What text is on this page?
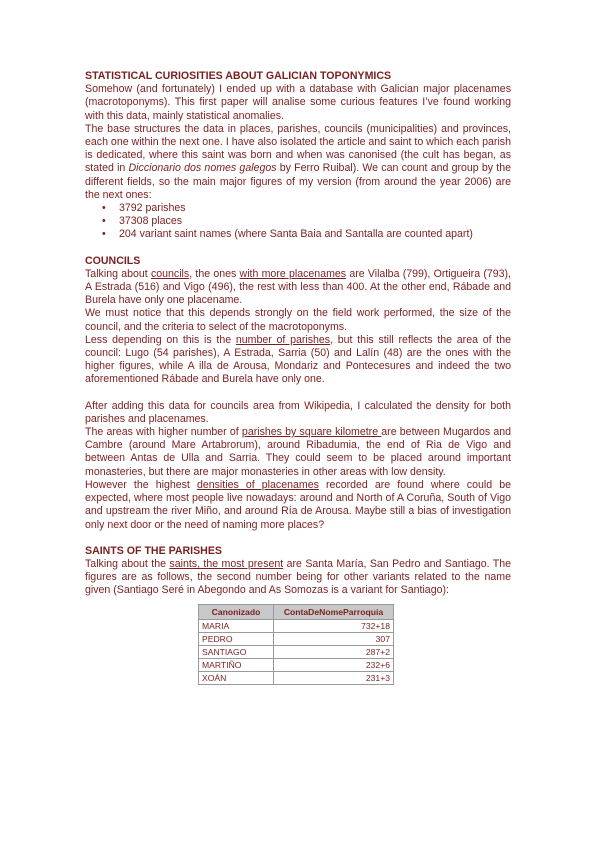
STATISTICAL CURIOSITIES ABOUT GALICIAN TOPONYMICS

Somehow (and fortunately) I ended up with a database with Galician major placenames (macrotoponyms). This first paper will analise some curious features I’ve found working with this data, mainly statistical anomalies.

The base structures the data in places, parishes, councils (municipalities) and provinces, each one within the next one. I have also isolated the article and saint to which each parish is dedicated, where this saint was born and when was canonised (the cult has began, as stated in Diccionario dos nomes galegos by Ferro Ruibal). We can count and group by the different fields, so the main major figures of my version (from around the year 2006) are the next ones:

• 3792 parishes
• 37308 places
• 204 variant saint names (where Santa Baia and Santalla are counted apart)

COUNCILS

Talking about councils, the ones with more placenames are Vilalba (799), Ortigueira (793), A Estrada (516) and Vigo (496), the rest with less than 400. At the other end, Rábade and Burela have only one placename.

We must notice that this depends strongly on the field work performed, the size of the council, and the criteria to select of the macrotoponyms.

Less depending on this is the number of parishes, but this still reflects the area of the council: Lugo (54 parishes), A Estrada, Sarria (50) and Lalín (48) are the ones with the higher figures, while A illa de Arousa, Mondariz and Pontecesures and indeed the two aforementioned Rábade and Burela have only one.

After adding this data for councils area from Wikipedia, I calculated the density for both parishes and placenames.

The areas with higher number of parishes by square kilometre are between Mugardos and Cambre (around Mare Artabrorum), around Ribadumia, the end of Ria de Vigo and between Antas de Ulla and Sarria. They could seem to be placed around important monasteries, but there are major monasteries in other areas with low density.

However the highest densities of placenames recorded are found where could be expected, where most people live nowadays: around and North of A Coruña, South of Vigo and upstream the river Miño, and around Ría de Arousa. Maybe still a bias of investigation only next door or the need of naming more places?

SAINTS OF THE PARISHES

Talking about the saints, the most present are Santa María, San Pedro and Santiago. The figures are as follows, the second number being for other variants related to the name given (Santiago Seré in Abegondo and As Somozas is a variant for Santiago):

Canonizado	ContaDeNomeParroquia
MARIA	732+18
PEDRO	307
SANTIAGO	287+2
MARTIÑO	232+6
XOÁN	231+3
